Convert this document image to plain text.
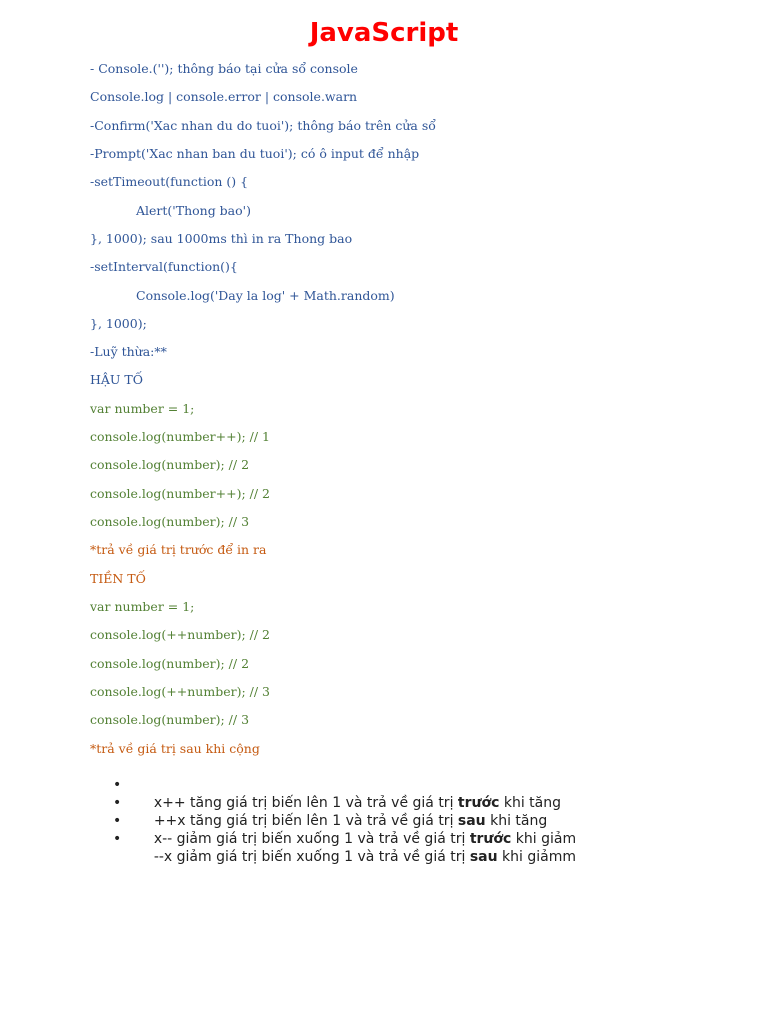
JavaScript
- Console.(''); thông báo tại cửa sổ console
Console.log | console.error | console.warn
-Confirm('Xac nhan du do tuoi'); thông báo trên cửa sổ
-Prompt('Xac nhan ban du tuoi'); có ô input để nhập
-setTimeout(function () {
Alert('Thong bao')
}, 1000); sau 1000ms thì in ra Thong bao
-setInterval(function(){
Console.log('Day la log' + Math.random)
}, 1000);
-Luỹ thừa:**
HẬU TỐ
var number = 1;
console.log(number++); // 1
console.log(number); // 2
console.log(number++); // 2
console.log(number); // 3
*trả về giá trị trước để in ra
TIỀN TỐ
var number = 1;
console.log(++number); // 2
console.log(number); // 2
console.log(++number); // 3
console.log(number); // 3
*trả về giá trị sau khi cộng

•
x++ tăng giá trị biến lên 1 và trả về giá trị trước khi tăng

•
++x tăng giá trị biến lên 1 và trả về giá trị sau khi tăng

•
x-- giảm giá trị biến xuống 1 và trả về giá trị trước khi giảm

•
--x giảm giá trị biến xuống 1 và trả về giá trị sau khi giảmm
